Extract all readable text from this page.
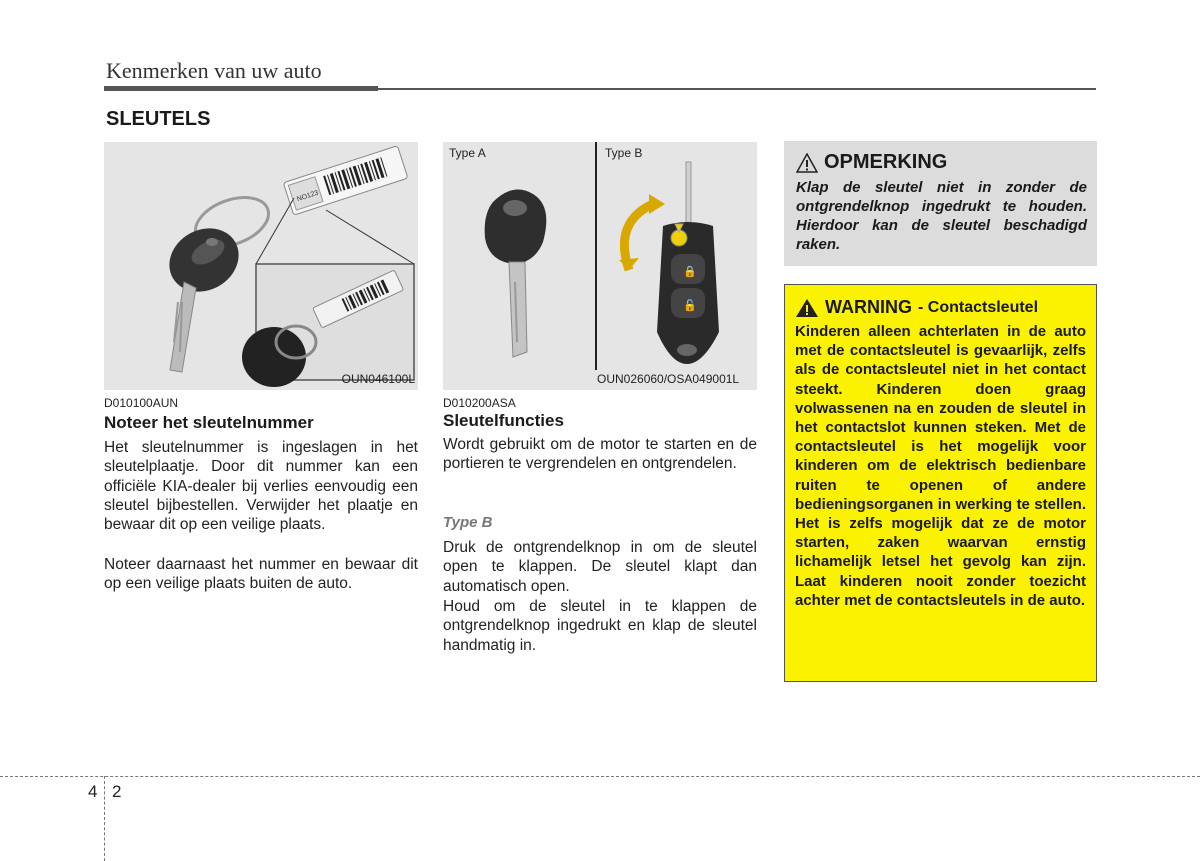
Kenmerken van uw auto
SLEUTELS
NO123
OUN046100L
Type A	Type B
🔒
🔓
OUN026060/OSA049001L
D010100AUN
Noteer het sleutelnummer
Het sleutelnummer is ingeslagen in het sleutelplaatje. Door dit nummer kan een officiële KIA-dealer bij verlies eenvoudig een sleutel bijbestellen. Verwijder het plaatje en bewaar dit op een veilige plaats.
Noteer daarnaast het nummer en bewaar dit op een veilige plaats buiten de auto.
D010200ASA
Sleutelfuncties
Wordt gebruikt om de motor te starten en de portieren te vergrendelen en ontgrendelen.
Type B
Druk de ontgrendelknop in om de sleutel open te klappen. De sleutel klapt dan automatisch open.
Houd om de sleutel in te klappen de ontgrendelknop ingedrukt en klap de sleutel handmatig in.
OPMERKING
Klap de sleutel niet in zonder de ontgrendelknop ingedrukt te houden. Hierdoor kan de sleutel beschadigd raken.
WARNING - Contactsleutel
Kinderen alleen achterlaten in de auto met de contactsleutel is gevaarlijk, zelfs als de contactsleutel niet in het contact steekt. Kinderen doen graag volwassenen na en zouden de sleutel in het contactslot kunnen steken. Met de contactsleutel is het mogelijk voor kinderen om de elektrisch bedienbare ruiten te openen of andere bedieningsorganen in werking te stellen. Het is zelfs mogelijk dat ze de motor starten, zaken waarvan ernstig lichamelijk letsel het gevolg kan zijn. Laat kinderen nooit zonder toezicht achter met de contactsleutels in de auto.
4 2
